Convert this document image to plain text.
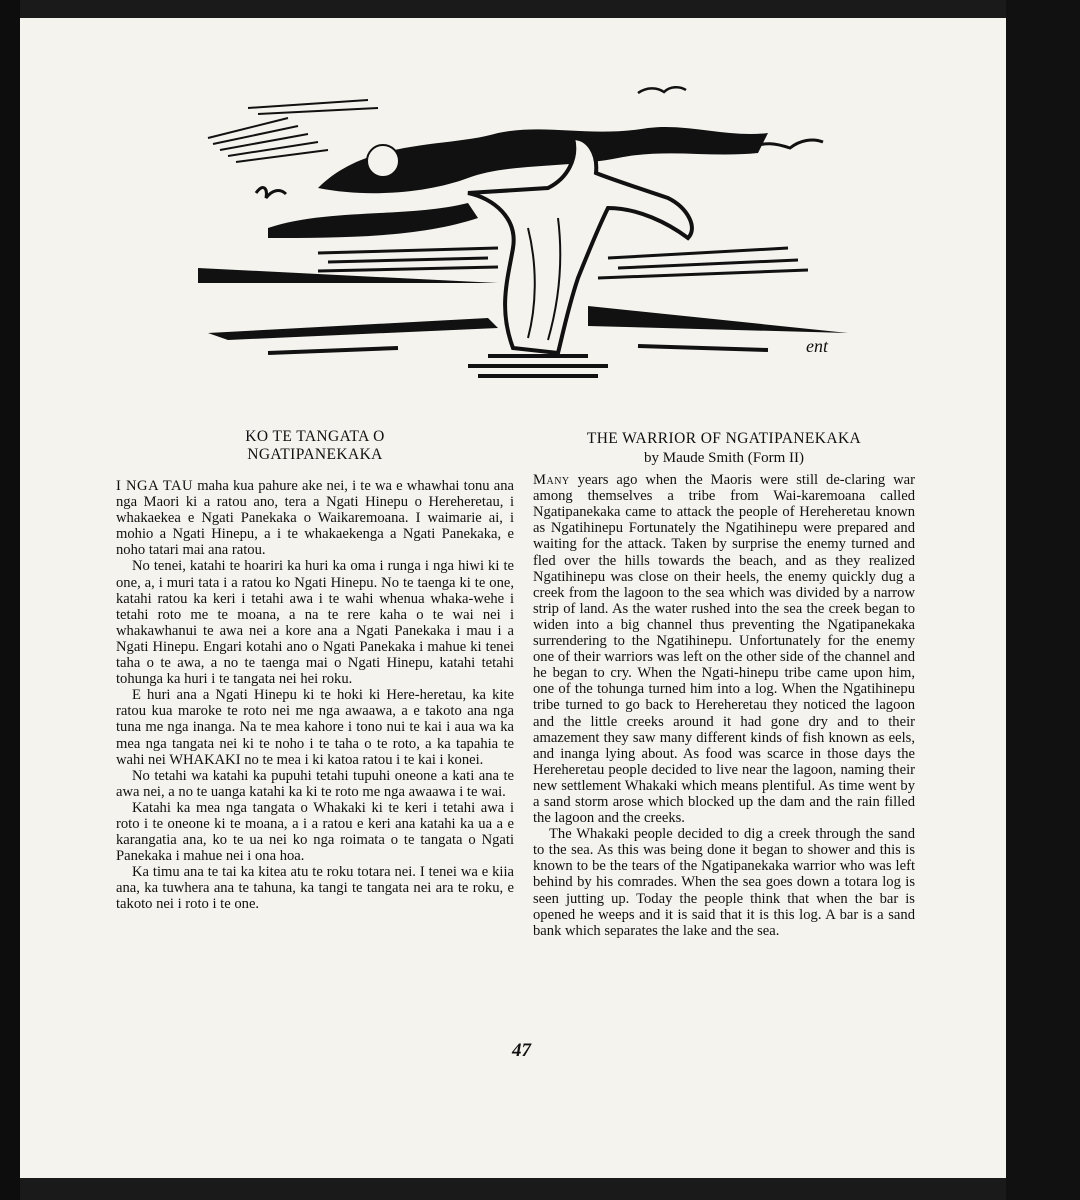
ent
KO TE TANGATA O
NGATIPANEKAKA

I NGA TAU maha kua pahure ake nei, i te wa e whawhai tonu ana nga Maori ki a ratou ano, tera a Ngati Hinepu o Hereheretau, i whakaekea e Ngati Panekaka o Waikaremoana. I waimarie ai, i mohio a Ngati Hinepu, a i te whakaekenga a Ngati Panekaka, e noho tatari mai ana ratou.

No tenei, katahi te hoariri ka huri ka oma i runga i nga hiwi ki te one, a, i muri tata i a ratou ko Ngati Hinepu. No te taenga ki te one, katahi ratou ka keri i tetahi awa i te wahi whenua whaka-wehe i tetahi roto me te moana, a na te rere kaha o te wai nei i whakawhanui te awa nei a kore ana a Ngati Panekaka i mau i a Ngati Hinepu. Engari kotahi ano o Ngati Panekaka i mahue ki tenei taha o te awa, a no te taenga mai o Ngati Hinepu, katahi tetahi tohunga ka huri i te tangata nei hei roku.

E huri ana a Ngati Hinepu ki te hoki ki Here-heretau, ka kite ratou kua maroke te roto nei me nga awaawa, a e takoto ana nga tuna me nga inanga. Na te mea kahore i tono nui te kai i aua wa ka mea nga tangata nei ki te noho i te taha o te roto, a ka tapahia te wahi nei WHAKAKI no te mea i ki katoa ratou i te kai i konei.

No tetahi wa katahi ka pupuhi tetahi tupuhi oneone a kati ana te awa nei, a no te uanga katahi ka ki te roto me nga awaawa i te wai.

Katahi ka mea nga tangata o Whakaki ki te keri i tetahi awa i roto i te oneone ki te moana, a i a ratou e keri ana katahi ka ua a e karangatia ana, ko te ua nei ko nga roimata o te tangata o Ngati Panekaka i mahue nei i ona hoa.

Ka timu ana te tai ka kitea atu te roku totara nei. I tenei wa e kiia ana, ka tuwhera ana te tahuna, ka tangi te tangata nei ara te roku, e takoto nei i roto i te one.

THE WARRIOR OF NGATIPANEKAKA
by Maude Smith (Form II)

Many years ago when the Maoris were still de-claring war among themselves a tribe from Wai-karemoana called Ngatipanekaka came to attack the people of Hereheretau known as Ngatihinepu Fortunately the Ngatihinepu were prepared and waiting for the attack. Taken by surprise the enemy turned and fled over the hills towards the beach, and as they realized Ngatihinepu was close on their heels, the enemy quickly dug a creek from the lagoon to the sea which was divided by a narrow strip of land. As the water rushed into the sea the creek began to widen into a big channel thus preventing the Ngatipanekaka surrendering to the Ngatihinepu. Unfortunately for the enemy one of their warriors was left on the other side of the channel and he began to cry. When the Ngati-hinepu tribe came upon him, one of the tohunga turned him into a log. When the Ngatihinepu tribe turned to go back to Hereheretau they noticed the lagoon and the little creeks around it had gone dry and to their amazement they saw many different kinds of fish known as eels, and inanga lying about. As food was scarce in those days the Hereheretau people decided to live near the lagoon, naming their new settlement Whakaki which means plentiful. As time went by a sand storm arose which blocked up the dam and the rain filled the lagoon and the creeks.

The Whakaki people decided to dig a creek through the sand to the sea. As this was being done it began to shower and this is known to be the tears of the Ngatipanekaka warrior who was left behind by his comrades. When the sea goes down a totara log is seen jutting up. Today the people think that when the bar is opened he weeps and it is said that it is this log. A bar is a sand bank which separates the lake and the sea.

47
